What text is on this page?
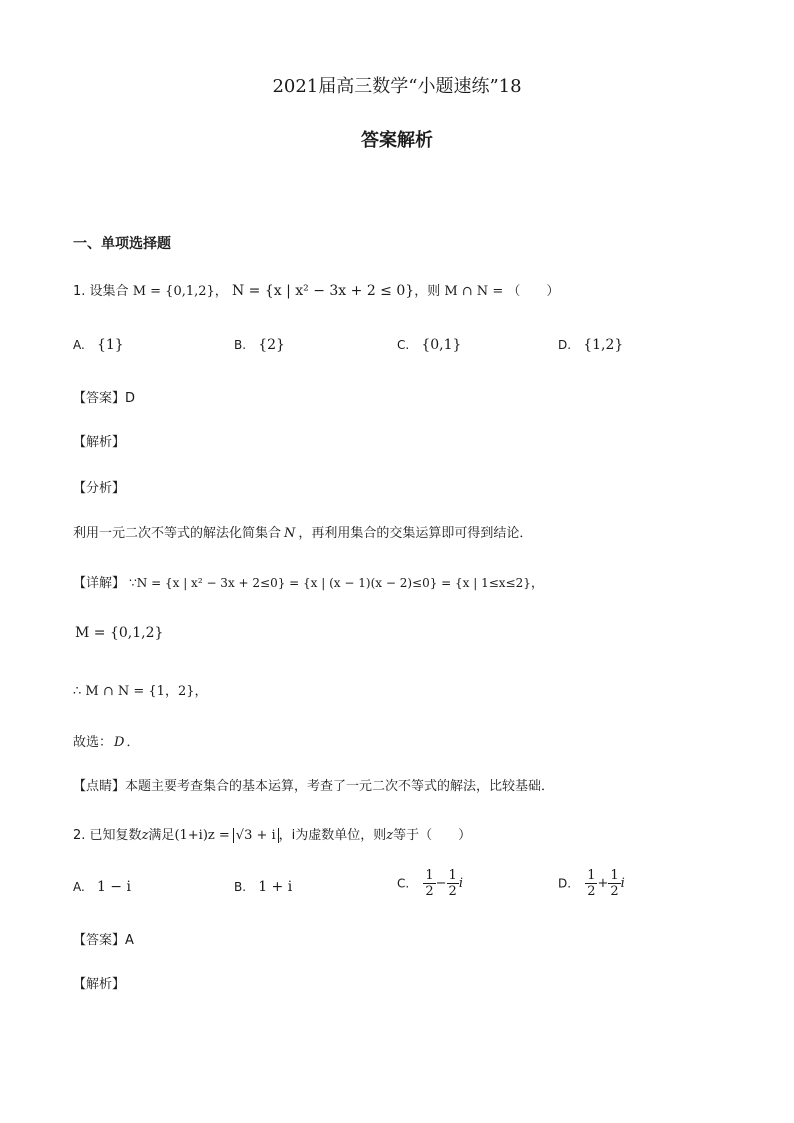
2021届高三数学“小题速练”18
答案解析
一、单项选择题
1. 设集合 M = {0,1,2}， N = {x | x² − 3x + 2 ≤ 0}，则 M ∩ N = （　　）
A. {1}	B. {2}	C. {0,1}	D. {1,2}
【答案】D
【解析】
【分析】
利用一元二次不等式的解法化简集合 N ，再利用集合的交集运算即可得到结论．
【详解】 ∵N = {x | x² − 3x + 2≤0} = {x | (x − 1)(x − 2)≤0} = {x | 1≤x≤2}，
M = {0,1,2}
∴ M ∩ N = {1，2}，
故选： D ．
【点睛】本题主要考查集合的基本运算，考查了一元二次不等式的解法，比较基础．
2. 已知复数z满足(1+i)z = √3 + i ，i为虚数单位，则z等于（　　）
A. 1 − i	B. 1 + i	C. $\frac{1}{2} - \frac{1}{2}$ i	D. $\frac{1}{2} + \frac{1}{2}$ i
【答案】A
【解析】
